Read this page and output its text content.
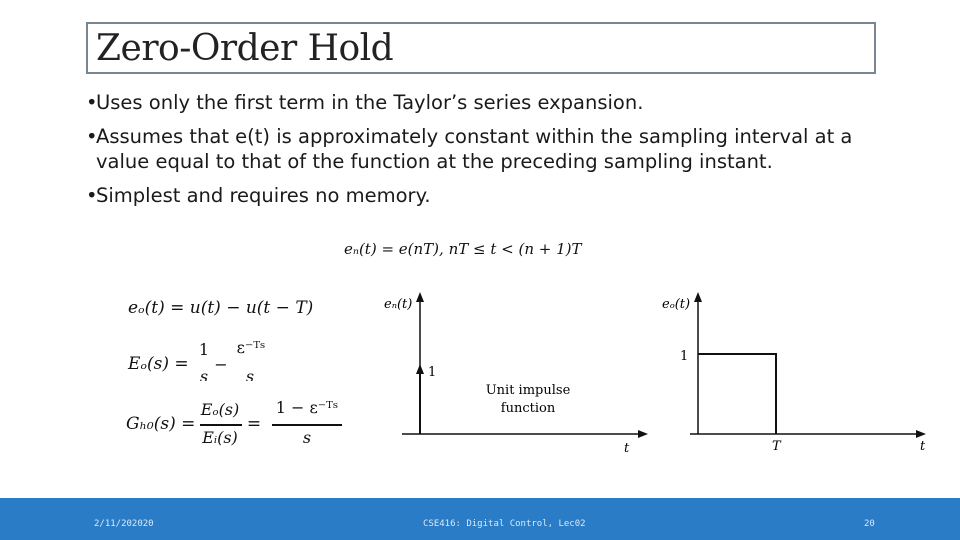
Zero-Order Hold
•
Uses only the first term in the Taylor’s series expansion.
•
Assumes that e(t) is approximately constant within the sampling interval at a value equal to that of the function at the preceding sampling instant.
•
Simplest and requires no memory.
eₙ(t) = e(nT), nT ≤ t < (n + 1)T
eₒ(t) = u(t) − u(t − T)
Eₒ(s) =
1
s
−
ε⁻ᵀˢ
s
Gₕ₀(s) =
Eₒ(s)
Eᵢ(s)
=
1 − ε⁻ᵀˢ
s
eₙ(t)
1
Unit impulse
function
t
eₒ(t)
1
T	t
2/11/202020	CSE416: Digital Control, Lec02	20
